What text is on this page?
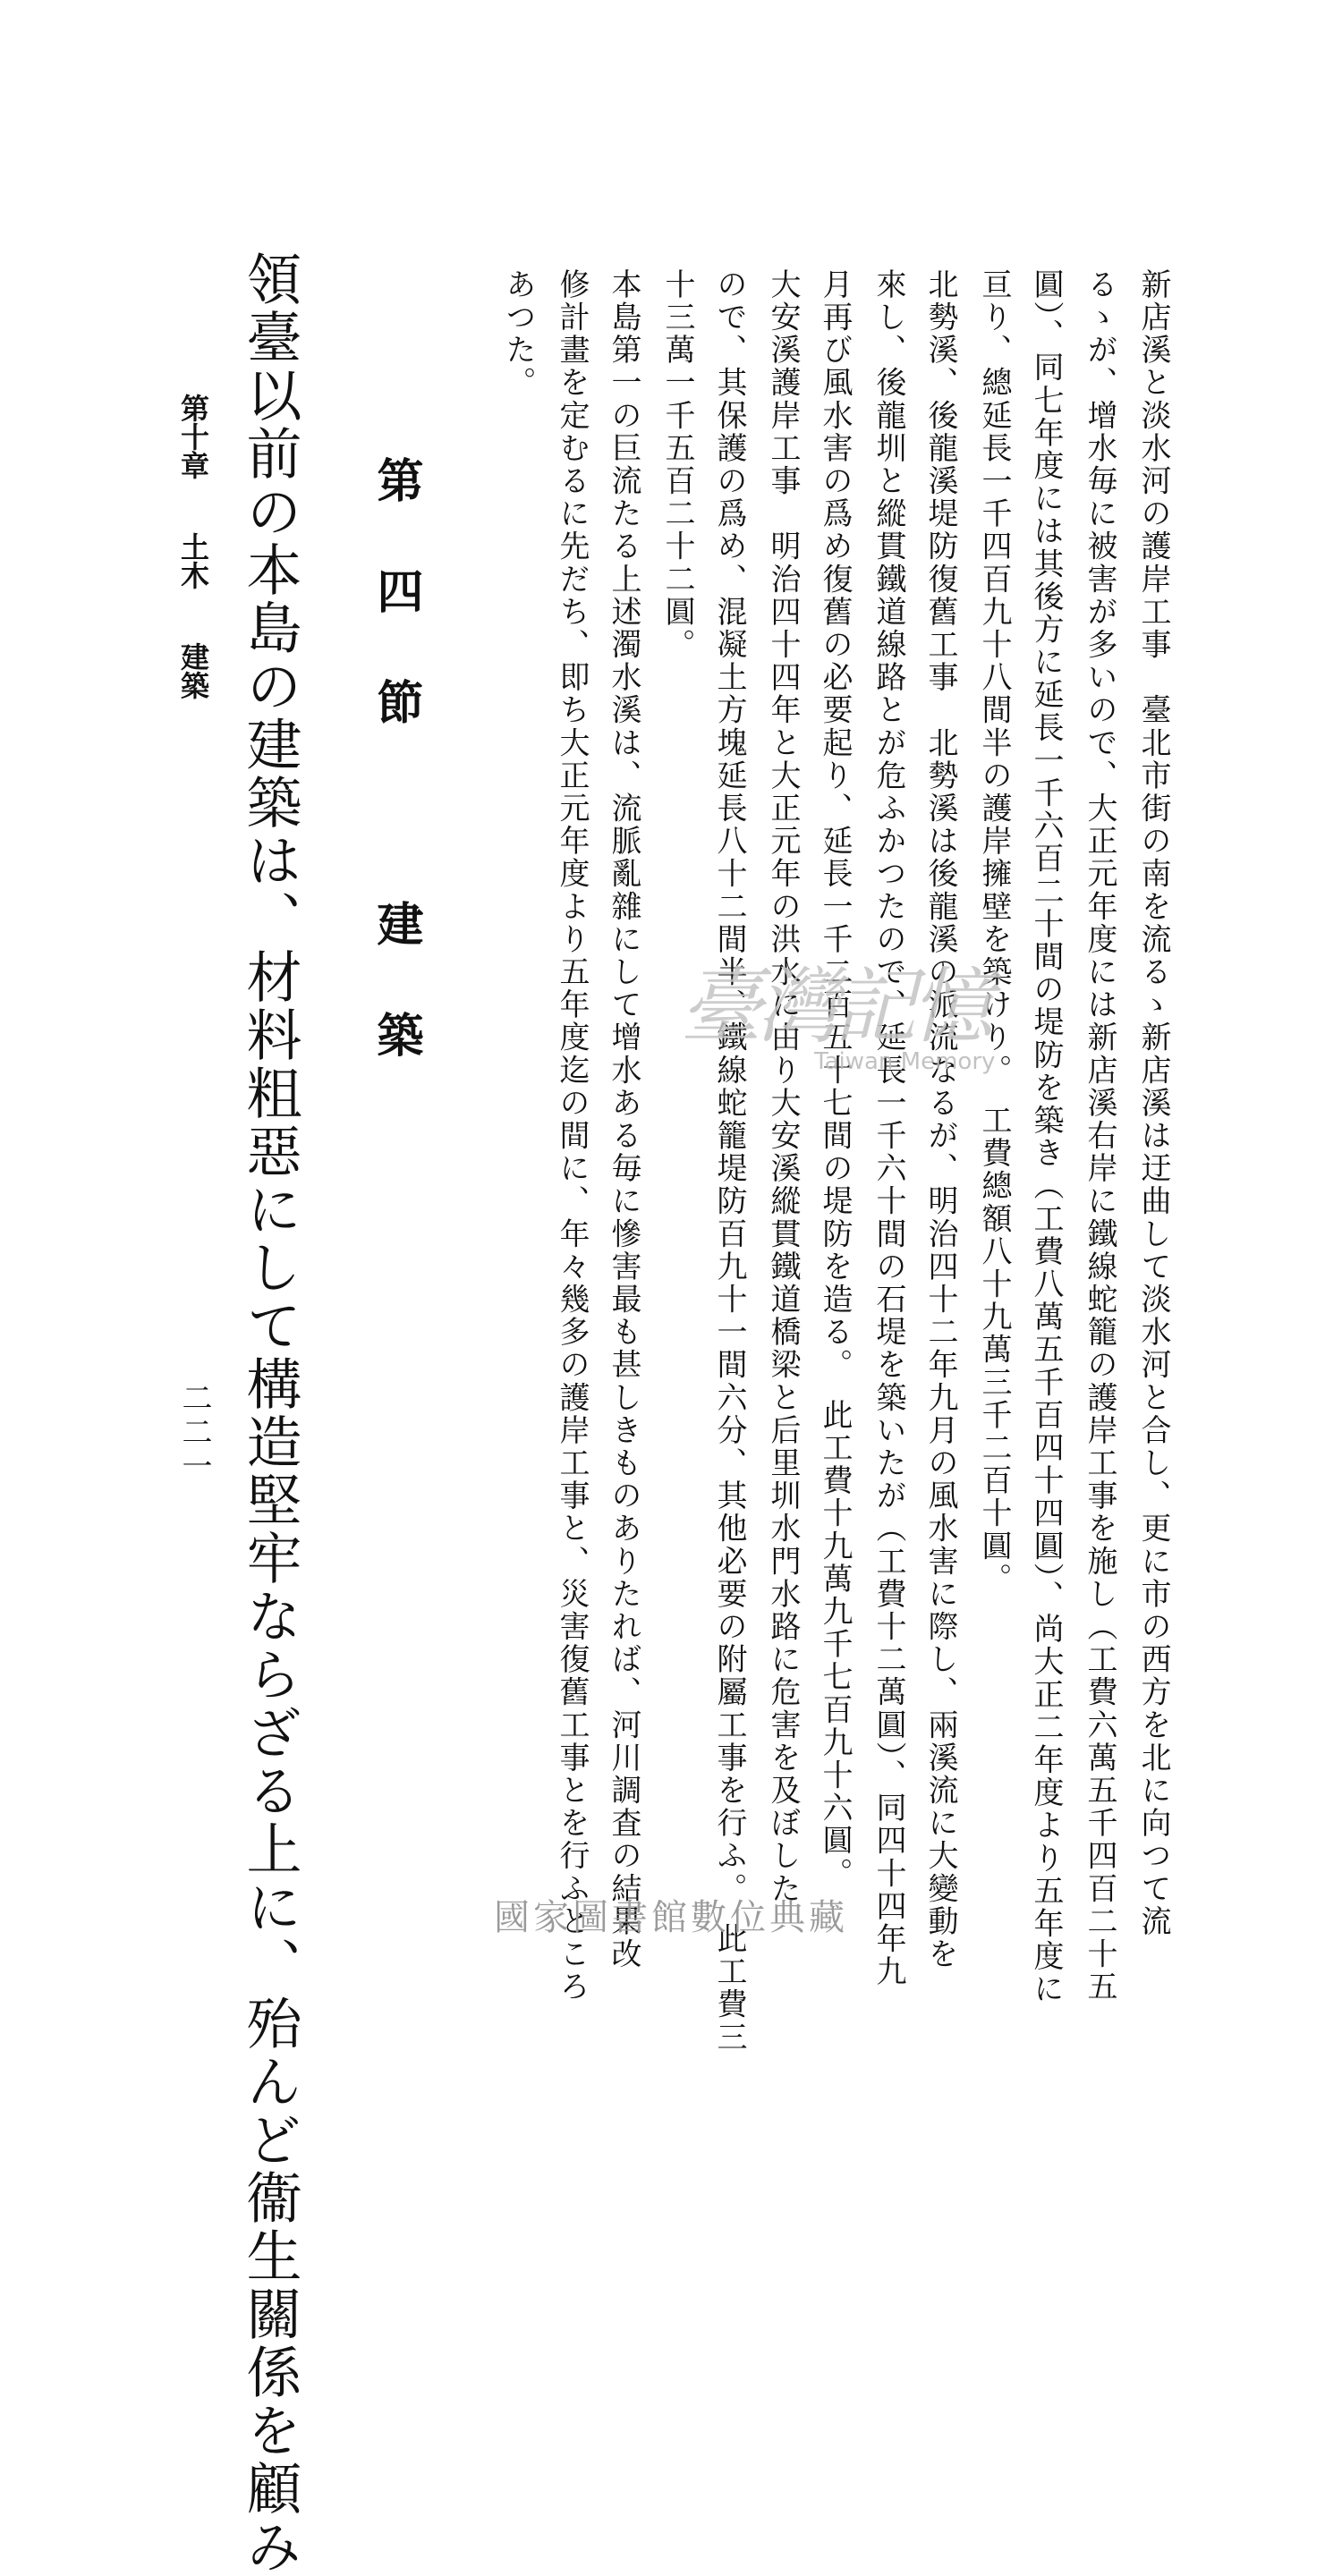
新店溪と淡水河の護岸工事　臺北市街の南を流るゝ新店溪は迂曲して淡水河と合し、更に市の西方を北に向つて流
るゝが、增水毎に被害が多いので、大正元年度には新店溪右岸に鐵線蛇籠の護岸工事を施し（工費六萬五千四百二十五
圓）、同七年度には其後方に延長一千六百二十間の堤防を築き（工費八萬五千百四十四圓）、尚大正二年度より五年度に
亘り、總延長一千四百九十八間半の護岸擁壁を築けり。　工費總額八十九萬三千二百十圓。
北勢溪、後龍溪堤防復舊工事　北勢溪は後龍溪の派流なるが、明治四十二年九月の風水害に際し、兩溪流に大變動を
來し、後龍圳と縱貫鐵道線路とが危ふかつたので、延長一千六十間の石堤を築いたが（工費十二萬圓）、同四十四年九
月再び風水害の爲め復舊の必要起り、延長一千二百五十七間の堤防を造る。　此工費十九萬九千七百九十六圓。
大安溪護岸工事　明治四十四年と大正元年の洪水に由り大安溪縱貫鐵道橋梁と后里圳水門水路に危害を及ぼした
ので、其保護の爲め、混凝土方塊延長八十二間半、鐵線蛇籠堤防百九十一間六分、其他必要の附屬工事を行ふ。　此工費三
十三萬一千五百二十二圓。
本島第一の巨流たる上述濁水溪は、流脈亂雜にして增水ある毎に慘害最も甚しきものありたれば、河川調査の結果改
修計畫を定むるに先だち、即ち大正元年度より五年度迄の間に、年々幾多の護岸工事と、災害復舊工事とを行ふところ
あつた。
第四節　建築
領臺以前の本島の建築は、材料粗惡にして構造堅牢ならざる上に、殆んど衞生關係を顧み
第十章 土木 建築
二二一
臺灣記憶
Taiwan Memory
國家圖書館數位典藏
